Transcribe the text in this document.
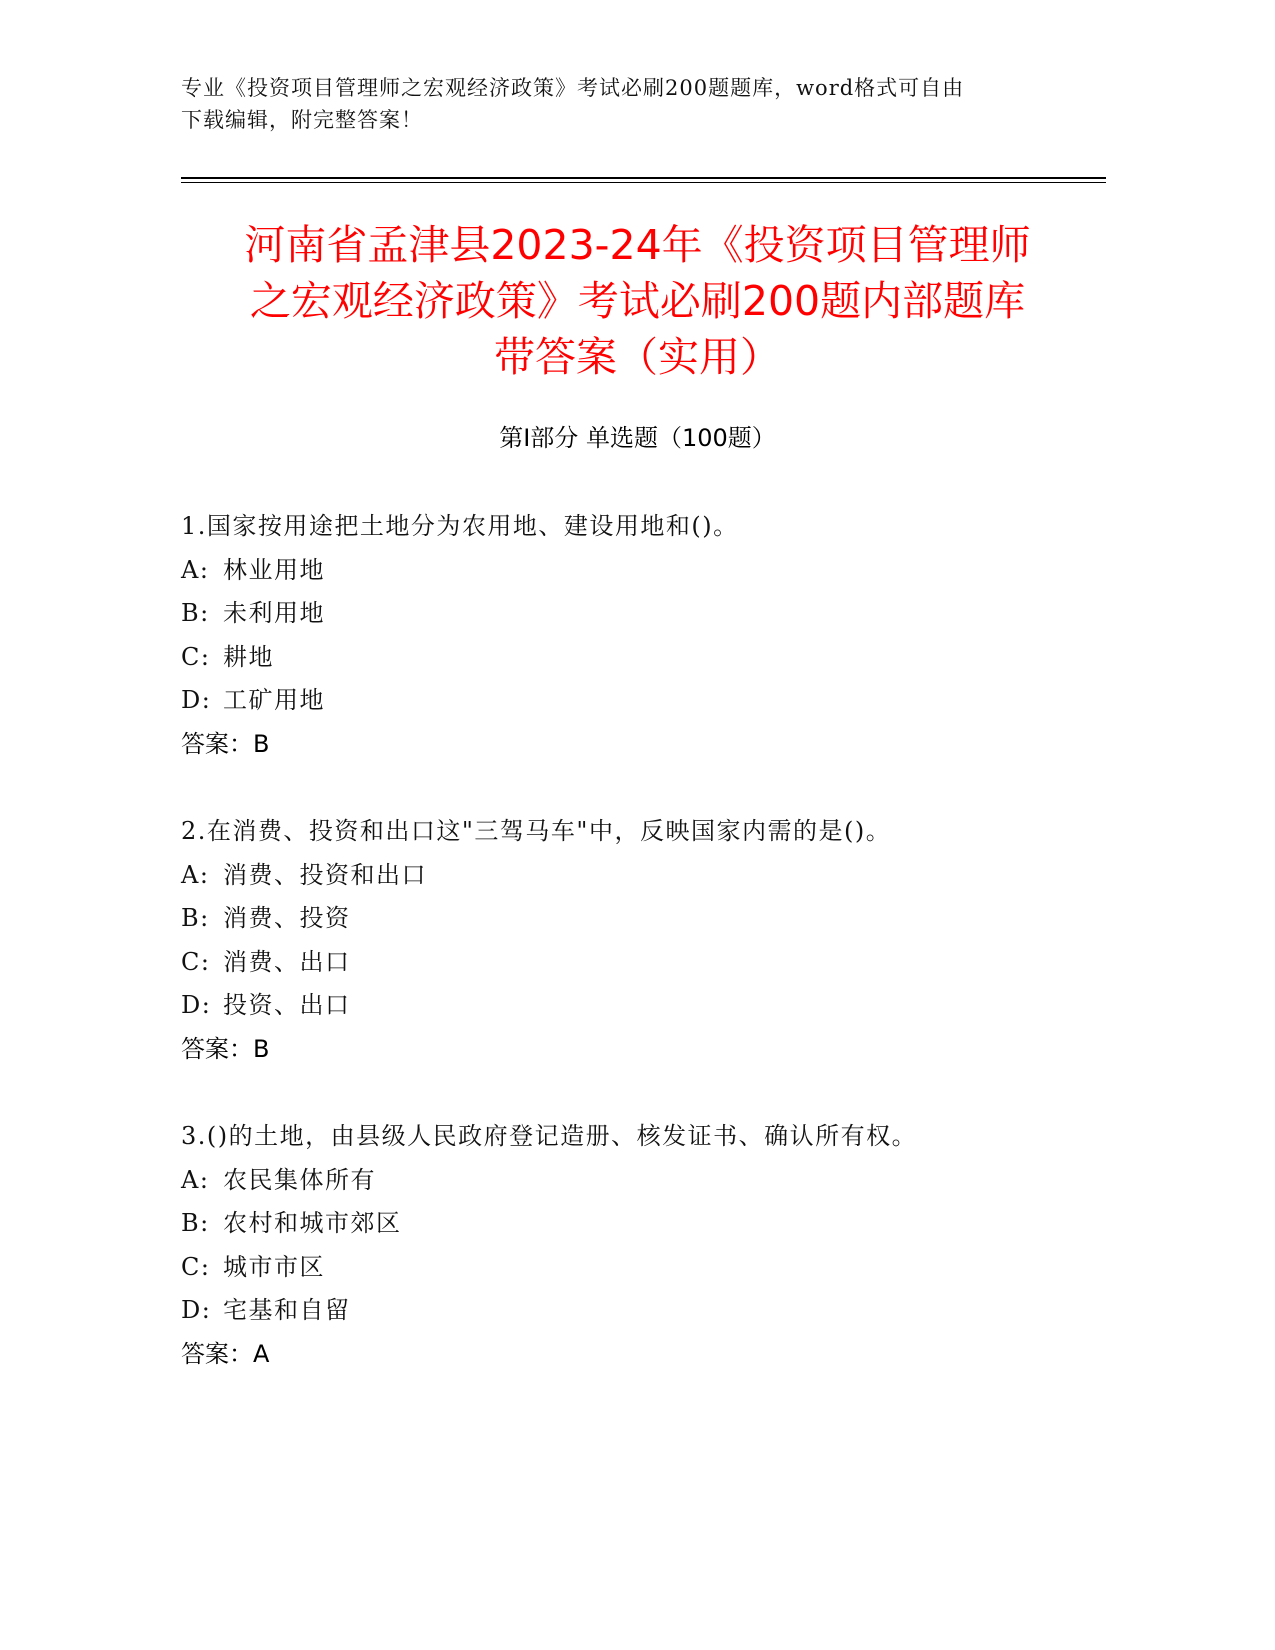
专业《投资项目管理师之宏观经济政策》考试必刷200题题库，word格式可自由
下载编辑，附完整答案！
河南省孟津县2023-24年《投资项目管理师
之宏观经济政策》考试必刷200题内部题库
带答案（实用）
第Ⅰ部分 单选题（100题）
1.国家按用途把土地分为农用地、建设用地和()。
A: 林业用地
B: 未利用地
C: 耕地
D: 工矿用地
答案：B
2.在消费、投资和出口这"三驾马车"中，反映国家内需的是()。
A: 消费、投资和出口
B: 消费、投资
C: 消费、出口
D: 投资、出口
答案：B
3.()的土地，由县级人民政府登记造册、核发证书、确认所有权。
A: 农民集体所有
B: 农村和城市郊区
C: 城市市区
D: 宅基和自留
答案：A
